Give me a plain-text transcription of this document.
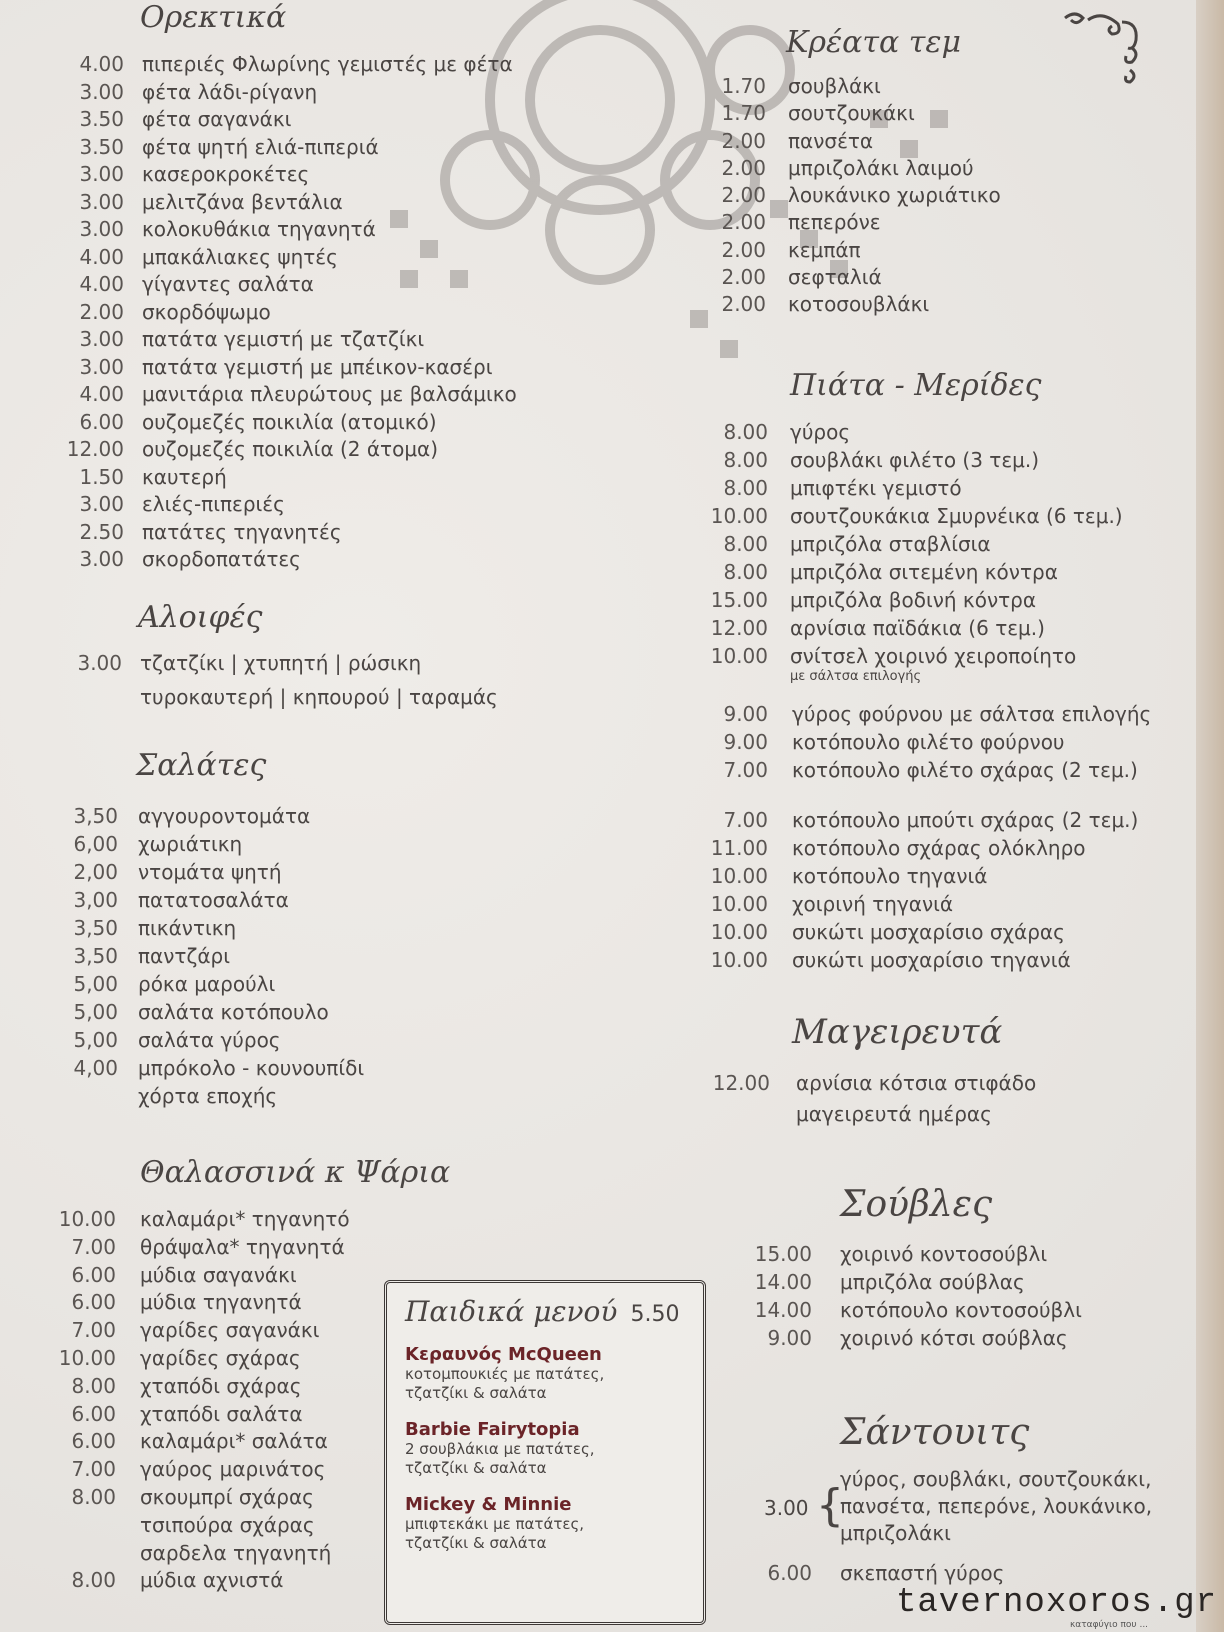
Ορεκτικά
4.00 πιπεριές Φλωρίνης γεμιστές με φέτα
3.00 φέτα λάδι-ρίγανη
3.50 φέτα σαγανάκι
3.50 φέτα ψητή ελιά-πιπεριά
3.00 κασεροκροκέτες
3.00 μελιτζάνα βεντάλια
3.00 κολοκυθάκια τηγανητά
4.00 μπακάλιακες ψητές
4.00 γίγαντες σαλάτα
2.00 σκορδόψωμο
3.00 πατάτα γεμιστή με τζατζίκι
3.00 πατάτα γεμιστή με μπέικον-κασέρι
4.00 μανιτάρια πλευρώτους με βαλσάμικο
6.00 ουζομεζές ποικιλία (ατομικό)
12.00 ουζομεζές ποικιλία (2 άτομα)
1.50 καυτερή
3.00 ελιές-πιπεριές
2.50 πατάτες τηγανητές
3.00 σκορδοπατάτες
Αλοιφές
3.00 τζατζίκι | χτυπητή | ρώσικη
τυροκαυτερή | κηπουρού | ταραμάς
Σαλάτες
3,50 αγγουροντομάτα
6,00 χωριάτικη
2,00 ντομάτα ψητή
3,00 πατατοσαλάτα
3,50 πικάντικη
3,50 παντζάρι
5,00 ρόκα μαρούλι
5,00 σαλάτα κοτόπουλο
5,00 σαλάτα γύρος
4,00 μπρόκολο - κουνουπίδι
χόρτα εποχής
Θαλασσινά κ Ψάρια
10.00 καλαμάρι* τηγανητό
7.00 θράψαλα* τηγανητά
6.00 μύδια σαγανάκι
6.00 μύδια τηγανητά
7.00 γαρίδες σαγανάκι
10.00 γαρίδες σχάρας
8.00 χταπόδι σχάρας
6.00 χταπόδι σαλάτα
6.00 καλαμάρι* σαλάτα
7.00 γαύρος μαρινάτος
8.00 σκουμπρί σχάρας
τσιπούρα σχάρας
σαρδελα τηγανητή
8.00 μύδια αχνιστά
Κρέατα τεμ
1.70 σουβλάκι
1.70 σουτζουκάκι
2.00 πανσέτα
2.00 μπριζολάκι λαιμού
2.00 λουκάνικο χωριάτικο
2.00 πεπερόνε
2.00 κεμπάπ
2.00 σεφταλιά
2.00 κοτοσουβλάκι
Πιάτα - Μερίδες
8.00 γύρος
8.00 σουβλάκι φιλέτο (3 τεμ.)
8.00 μπιφτέκι γεμιστό
10.00 σουτζουκάκια Σμυρνέικα (6 τεμ.)
8.00 μπριζόλα σταβλίσια
8.00 μπριζόλα σιτεμένη κόντρα
15.00 μπριζόλα βοδινή κόντρα
12.00 αρνίσια παϊδάκια (6 τεμ.)
10.00 σνίτσελ χοιρινό χειροποίητο
με σάλτσα επιλογής
9.00 γύρος φούρνου με σάλτσα επιλογής
9.00 κοτόπουλο φιλέτο φούρνου
7.00 κοτόπουλο φιλέτο σχάρας (2 τεμ.)
7.00 κοτόπουλο μπούτι σχάρας (2 τεμ.)
11.00 κοτόπουλο σχάρας ολόκληρο
10.00 κοτόπουλο τηγανιά
10.00 χοιρινή τηγανιά
10.00 συκώτι μοσχαρίσιο σχάρας
10.00 συκώτι μοσχαρίσιο τηγανιά
Μαγειρευτά
12.00 αρνίσια κότσια στιφάδο
μαγειρευτά ημέρας
Σούβλες
15.00 χοιρινό κοντοσούβλι
14.00 μπριζόλα σούβλας
14.00 κοτόπουλο κοντοσούβλι
9.00 χοιρινό κότσι σούβλας
Σάντουιτς
3.00 {
γύρος, σουβλάκι, σουτζουκάκι,
πανσέτα, πεπερόνε, λουκάνικο,
μπριζολάκι
6.00 σκεπαστή γύρος
Παιδικά μενού 5.50
Κεραυνός McQueen
κοτομπουκιές με πατάτες,
τζατζίκι & σαλάτα
Barbie Fairytopia
2 σουβλάκια με πατάτες,
τζατζίκι & σαλάτα
Mickey & Minnie
μπιφτεκάκι με πατάτες,
τζατζίκι & σαλάτα
tavernoxoros.gr
καταφύγιο που ...
